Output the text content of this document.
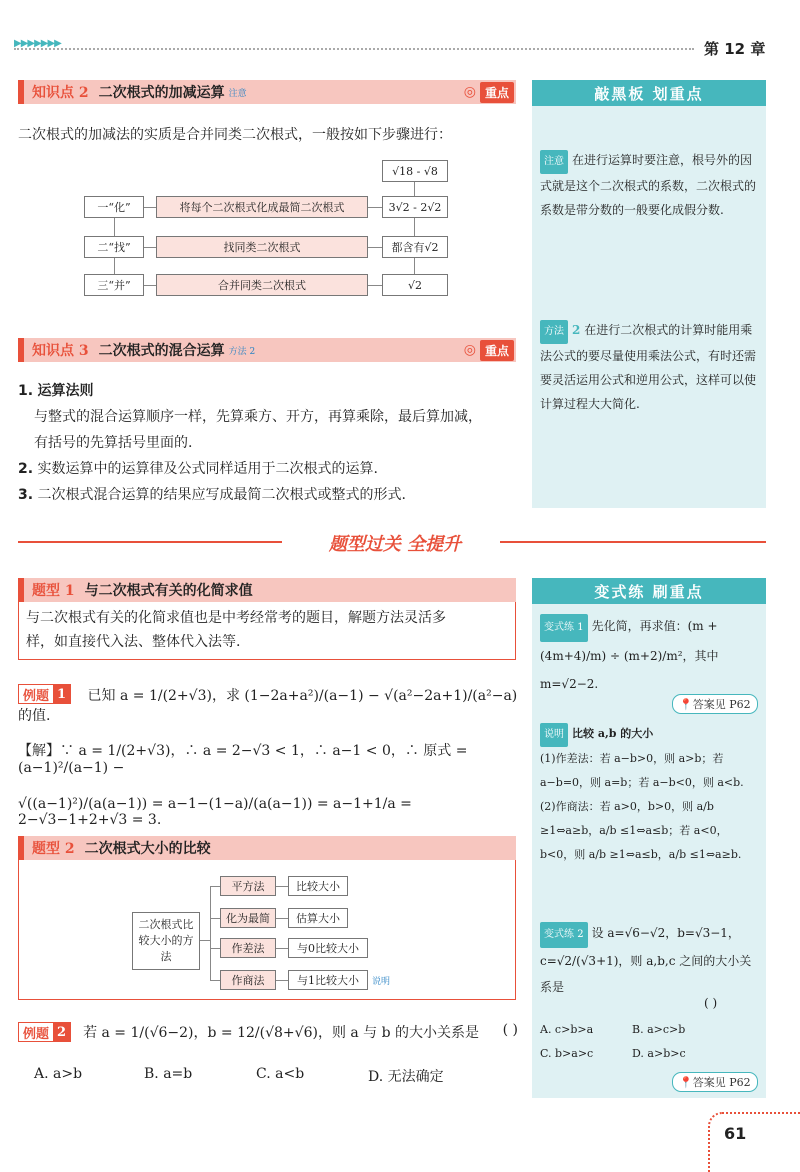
▶▶▶▶▶▶▶	第 12 章
知识点 2 二次根式的加减运算 注意	◎ 重点
二次根式的加减法的实质是合并同类二次根式，一般按如下步骤进行：
√18 - √8
一“化”	将每个二次根式化成最简二次根式	3√2 - 2√2
二“找”	找同类二次根式	都含有√2
三“并”	合并同类二次根式	√2
知识点 3 二次根式的混合运算 方法 2	◎ 重点
1. 运算法则
与整式的混合运算顺序一样，先算乘方、开方，再算乘除，最后算加减，
有括号的先算括号里面的.
2. 实数运算中的运算律及公式同样适用于二次根式的运算.
3. 二次根式混合运算的结果应写成最简二次根式或整式的形式.
敲黑板 划重点
注意 在进行运算时要注意，根号外的因式就是这个二次根式的系数，二次根式的系数是带分数的一般要化成假分数.
方法 2 在进行二次根式的计算时能用乘法公式的要尽量使用乘法公式，有时还需要灵活运用公式和逆用公式，这样可以使计算过程大大简化.
题型过关 全提升
题型 1 与二次根式有关的化简求值
与二次根式有关的化简求值也是中考经常考的题目，解题方法灵活多样，如直接代入法、整体代入法等.
例题 1 已知 a = 1/(2+√3)，求 (1−2a+a²)/(a−1) − √(a²−2a+1)/(a²−a) 的值.
【解】∵ a = 1/(2+√3)，∴ a = 2−√3 < 1，∴ a−1 < 0，∴ 原式 = (a−1)²/(a−1) −
√((a−1)²)/(a(a−1)) = a−1−(1−a)/(a(a−1)) = a−1+1/a = 2−√3−1+2+√3 = 3.
题型 2 二次根式大小的比较
二次根式比较大小的方法
平方法	比较大小
化为最简	估算大小
作差法	与0比较大小
作商法	与1比较大小	说明
例题 2 若 a = 1/(√6−2)，b = 12/(√8+√6)，则 a 与 b 的大小关系是	( )
A. a>b	B. a=b	C. a<b	D. 无法确定
变式练 刷重点
变式练 1 先化简，再求值：(m + (4m+4)/m) ÷ (m+2)/m²，其中 m=√2−2.
📍答案见 P62
说明 比较 a,b 的大小
(1)作差法：若 a−b>0，则 a>b；若 a−b=0，则 a=b；若 a−b<0，则 a<b.
(2)作商法：若 a>0，b>0，则 a/b ≥1⇔a≥b，a/b ≤1⇔a≤b；若 a<0，b<0，则 a/b ≥1⇔a≤b，a/b ≤1⇔a≥b.
变式练 2 设 a=√6−√2，b=√3−1，c=√2/(√3+1)，则 a,b,c 之间的大小关系是
( )
A. c>b>a	B. a>c>b
C. b>a>c	D. a>b>c
📍答案见 P62
61
